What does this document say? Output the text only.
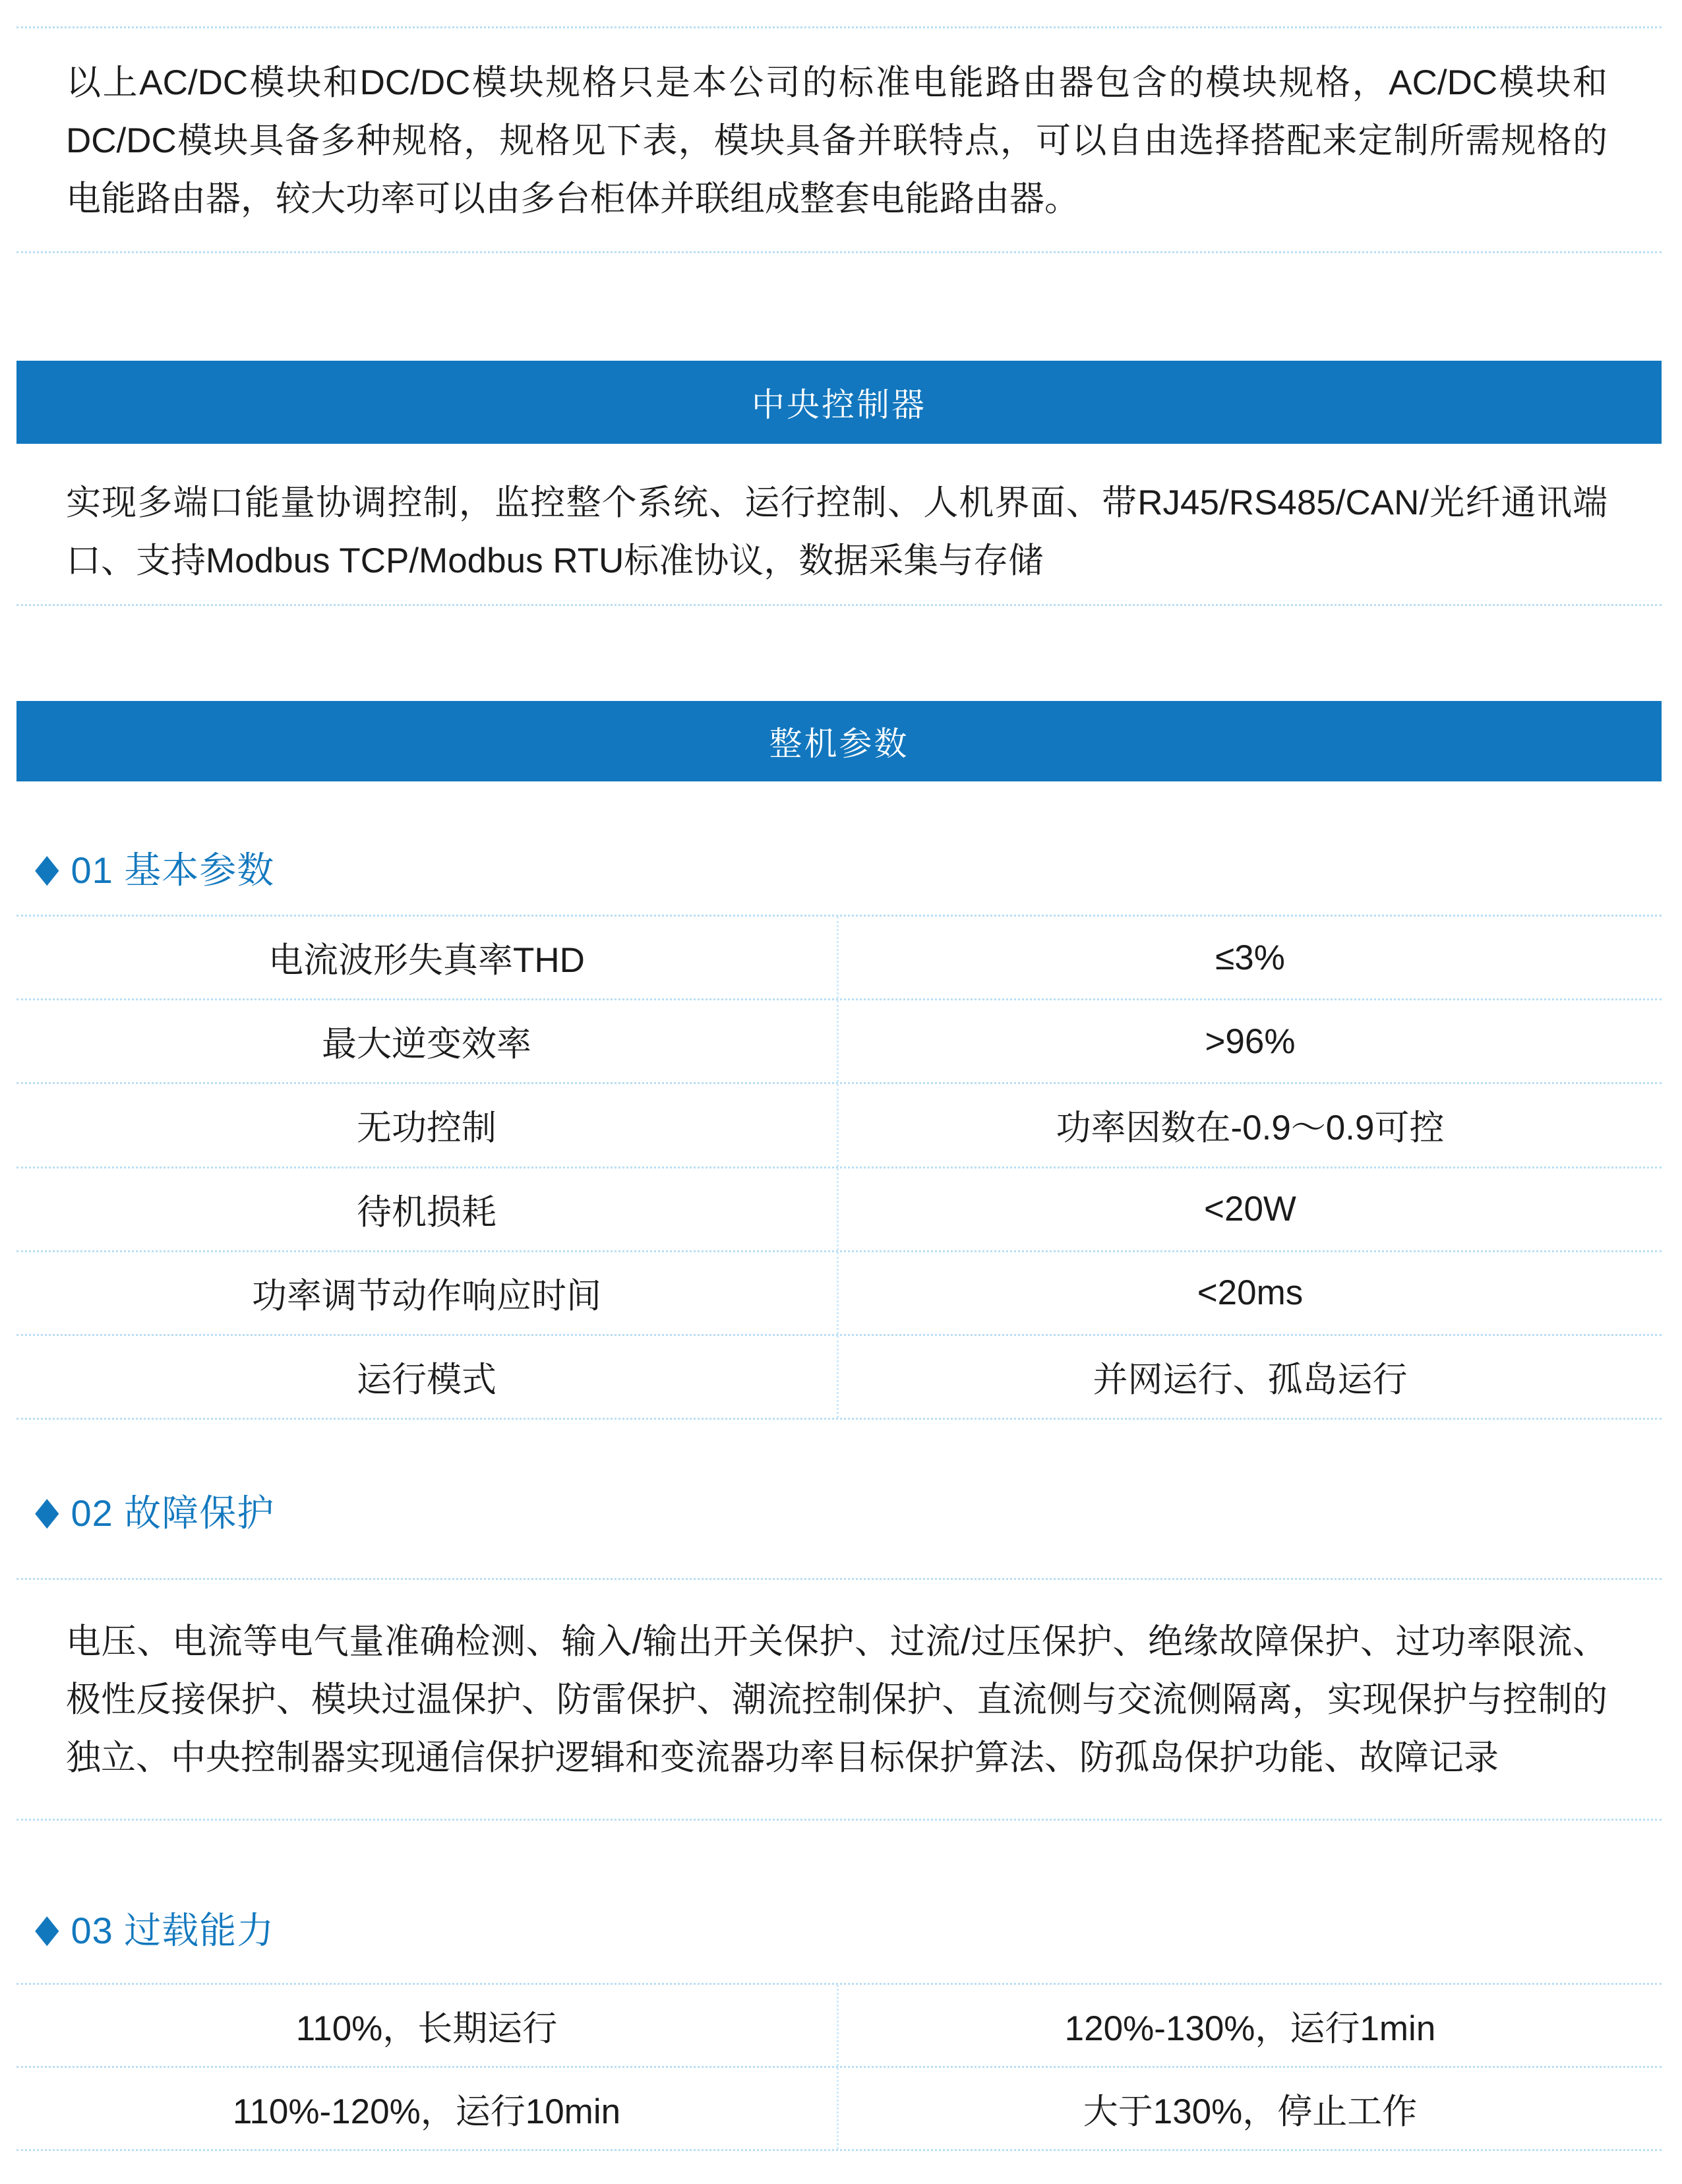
以上AC/DC模块和DC/DC模块规格只是本公司的标准电能路由器包含的模块规格，AC/DC模块和DC/DC模块具备多种规格，规格见下表，模块具备并联特点，可以自由选择搭配来定制所需规格的电能路由器，较大功率可以由多台柜体并联组成整套电能路由器。
中央控制器
实现多端口能量协调控制，监控整个系统、运行控制、人机界面、带RJ45/RS485/CAN/光纤通讯端口、支持Modbus TCP/Modbus RTU标准协议，数据采集与存储
整机参数
◆ 01 基本参数
电流波形失真率THD	≤3%
最大逆变效率	>96%
无功控制	功率因数在-0.9～0.9可控
待机损耗	<20W
功率调节动作响应时间	<20ms
运行模式	并网运行、孤岛运行
◆ 02 故障保护
电压、电流等电气量准确检测、输入/输出开关保护、过流/过压保护、绝缘故障保护、过功率限流、极性反接保护、模块过温保护、防雷保护、潮流控制保护、直流侧与交流侧隔离，实现保护与控制的独立、中央控制器实现通信保护逻辑和变流器功率目标保护算法、防孤岛保护功能、故障记录
◆ 03 过载能力
110%，长期运行	120%-130%，运行1min
110%-120%，运行10min	大于130%，停止工作
